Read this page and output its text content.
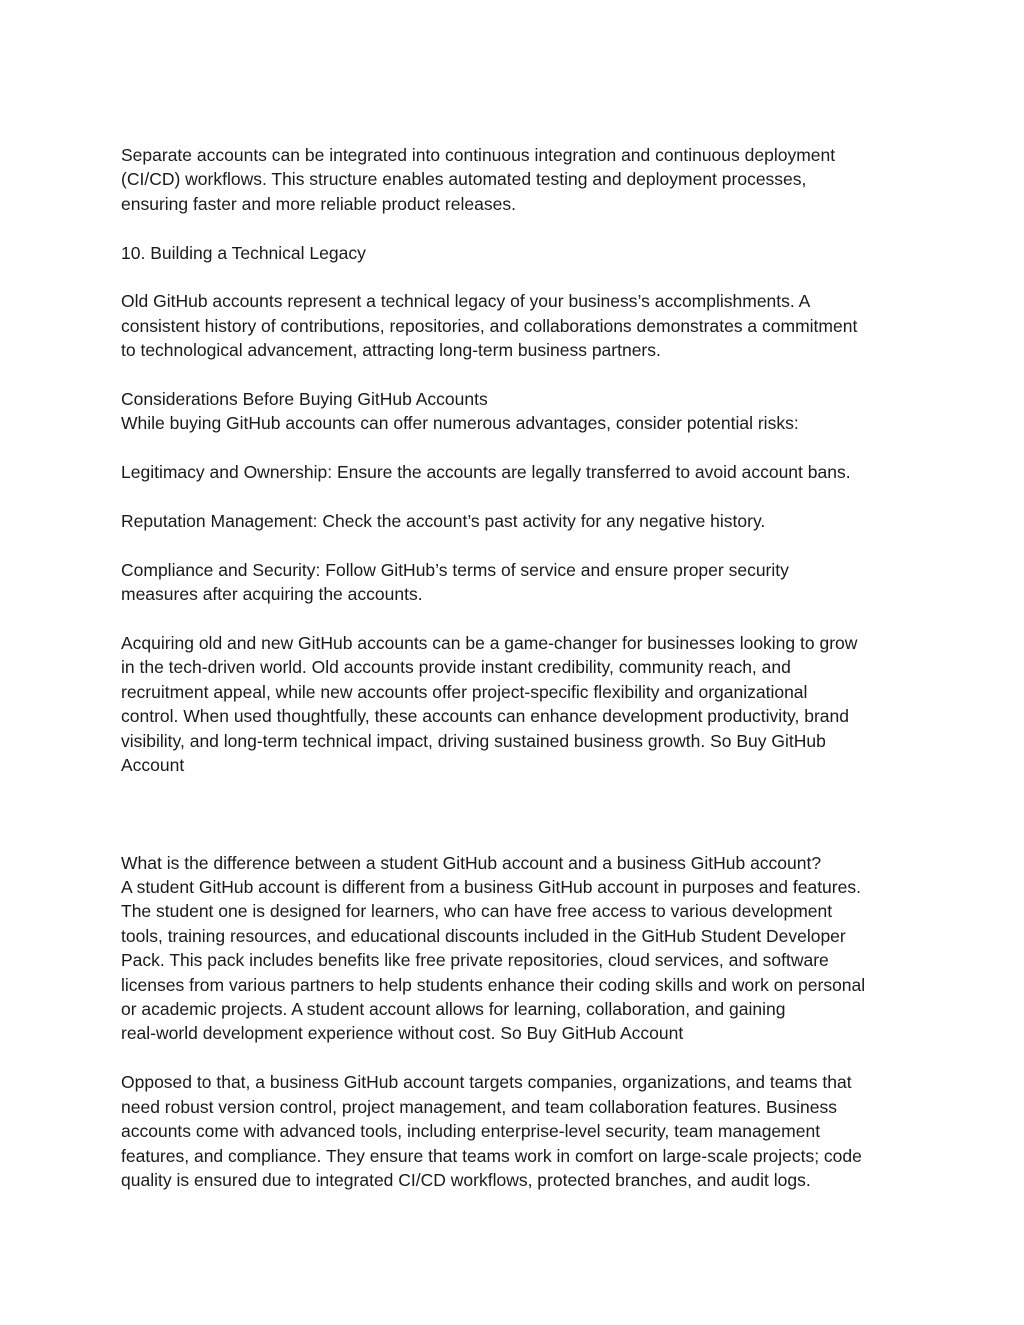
Separate accounts can be integrated into continuous integration and continuous deployment
(CI/CD) workflows. This structure enables automated testing and deployment processes,
ensuring faster and more reliable product releases.

10. Building a Technical Legacy

Old GitHub accounts represent a technical legacy of your business’s accomplishments. A
consistent history of contributions, repositories, and collaborations demonstrates a commitment
to technological advancement, attracting long-term business partners.

Considerations Before Buying GitHub Accounts

While buying GitHub accounts can offer numerous advantages, consider potential risks:

Legitimacy and Ownership: Ensure the accounts are legally transferred to avoid account bans.

Reputation Management: Check the account’s past activity for any negative history.

Compliance and Security: Follow GitHub’s terms of service and ensure proper security
measures after acquiring the accounts.

Acquiring old and new GitHub accounts can be a game-changer for businesses looking to grow
in the tech-driven world. Old accounts provide instant credibility, community reach, and
recruitment appeal, while new accounts offer project-specific flexibility and organizational
control. When used thoughtfully, these accounts can enhance development productivity, brand
visibility, and long-term technical impact, driving sustained business growth. So Buy GitHub
Account

What is the difference between a student GitHub account and a business GitHub account?

A student GitHub account is different from a business GitHub account in purposes and features.
The student one is designed for learners, who can have free access to various development
tools, training resources, and educational discounts included in the GitHub Student Developer
Pack. This pack includes benefits like free private repositories, cloud services, and software
licenses from various partners to help students enhance their coding skills and work on personal
or academic projects. A student account allows for learning, collaboration, and gaining
real-world development experience without cost. So Buy GitHub Account

Opposed to that, a business GitHub account targets companies, organizations, and teams that
need robust version control, project management, and team collaboration features. Business
accounts come with advanced tools, including enterprise-level security, team management
features, and compliance. They ensure that teams work in comfort on large-scale projects; code
quality is ensured due to integrated CI/CD workflows, protected branches, and audit logs.
